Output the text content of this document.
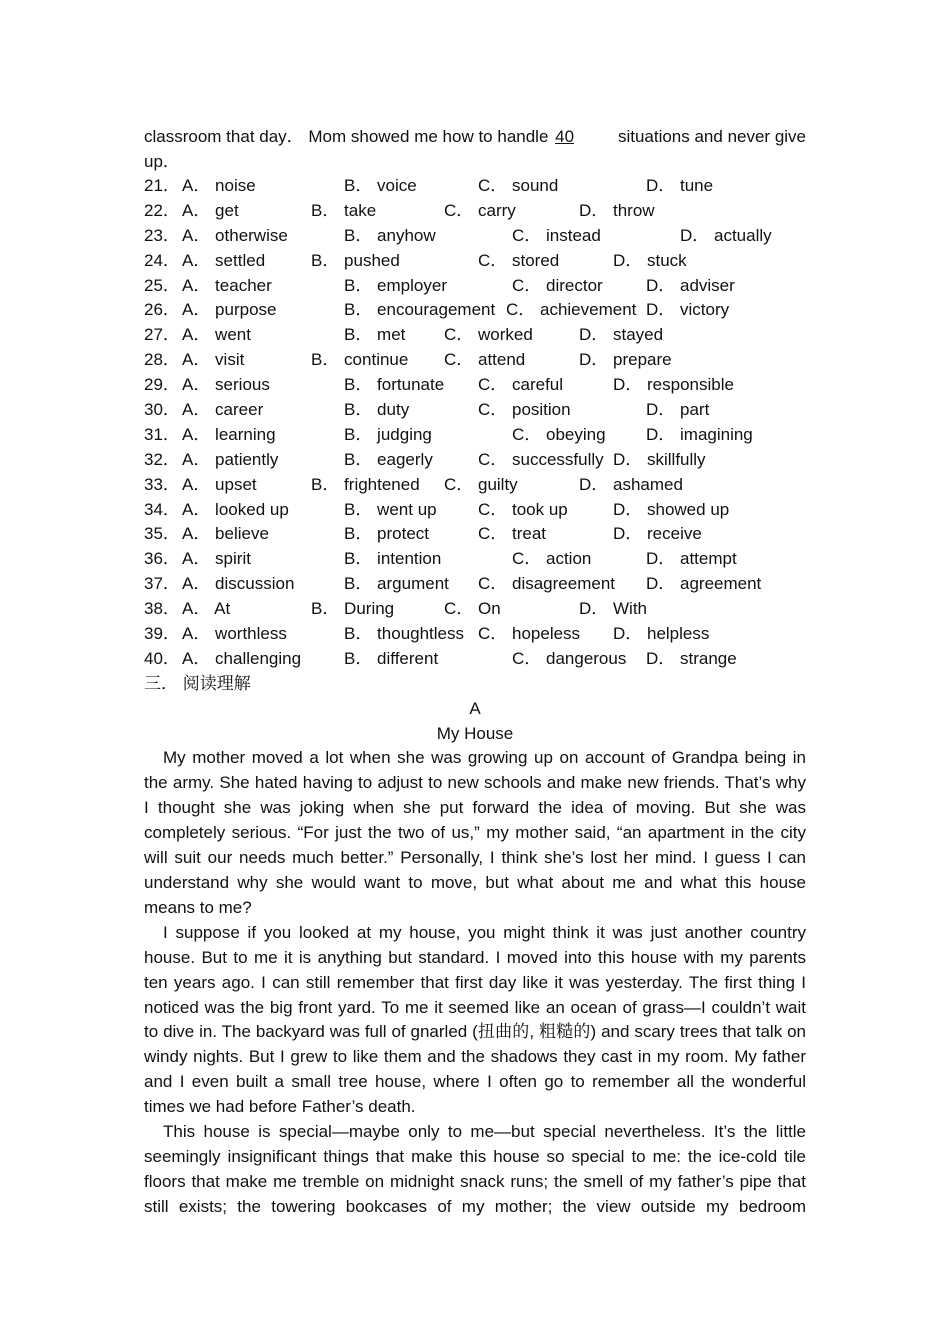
classroom that day． Mom showed me how to handle 40	situations and never give
up．
21． A． noise	B． voice	C． sound	D． tune
22． A． get	B． take	C． carry	D． throw
23． A． otherwise	B． anyhow	C． instead	D． actually
24． A． settled	B． pushed	C． stored	D． stuck
25． A． teacher	B． employer	C． director	D． adviser
26． A． purpose	B． encouragement C． achievement D． victory
27． A． went	B． met C． worked	D． stayed
28． A． visit	B． continue C． attend	D． prepare
29． A． serious	B． fortunate C． careful	D． responsible
30． A． career	B． duty	C． position	D． part
31． A． learning	B． judging	C． obeying D． imagining
32． A． patiently	B． eagerly	C． successfully D． skillfully
33． A． upset	B． frightened C． guilty	D． ashamed
34． A． looked up	B． went up C． took up	D． showed up
35． A． believe	B． protect	C． treat	D． receive
36． A． spirit	B． intention	C． action	D． attempt
37． A． discussion	B． argument C． disagreement D． agreement
38． A． At	B． During	C． On	D． With
39． A． worthless	B． thoughtless C． hopeless D． helpless
40． A． challenging	B． different	C． dangerous D． strange
三． 阅读理解
A
My House

My mother moved a lot when she was growing up on account of Grandpa being in the army. She hated having to adjust to new schools and make new friends. That’s why I thought she was joking when she put forward the idea of moving. But she was completely serious. “For just the two of us,” my mother said, “an apartment in the city will suit our needs much better.” Personally, I think she’s lost her mind. I guess I can understand why she would want to move, but what about me and what this house means to me?

I suppose if you looked at my house, you might think it was just another country house. But to me it is anything but standard. I moved into this house with my parents ten years ago. I can still remember that first day like it was yesterday. The first thing I noticed was the big front yard. To me it seemed like an ocean of grass—I couldn’t wait to dive in. The backyard was full of gnarled (扭曲的, 粗糙的) and scary trees that talk on windy nights. But I grew to like them and the shadows they cast in my room. My father and I even built a small tree house, where I often go to remember all the wonderful times we had before Father’s death.

This house is special—maybe only to me—but special nevertheless. It’s the little seemingly insignificant things that make this house so special to me: the ice-cold tile floors that make me tremble on midnight snack runs; the smell of my father’s pipe that still exists; the towering bookcases of my mother; the view outside my bedroom
